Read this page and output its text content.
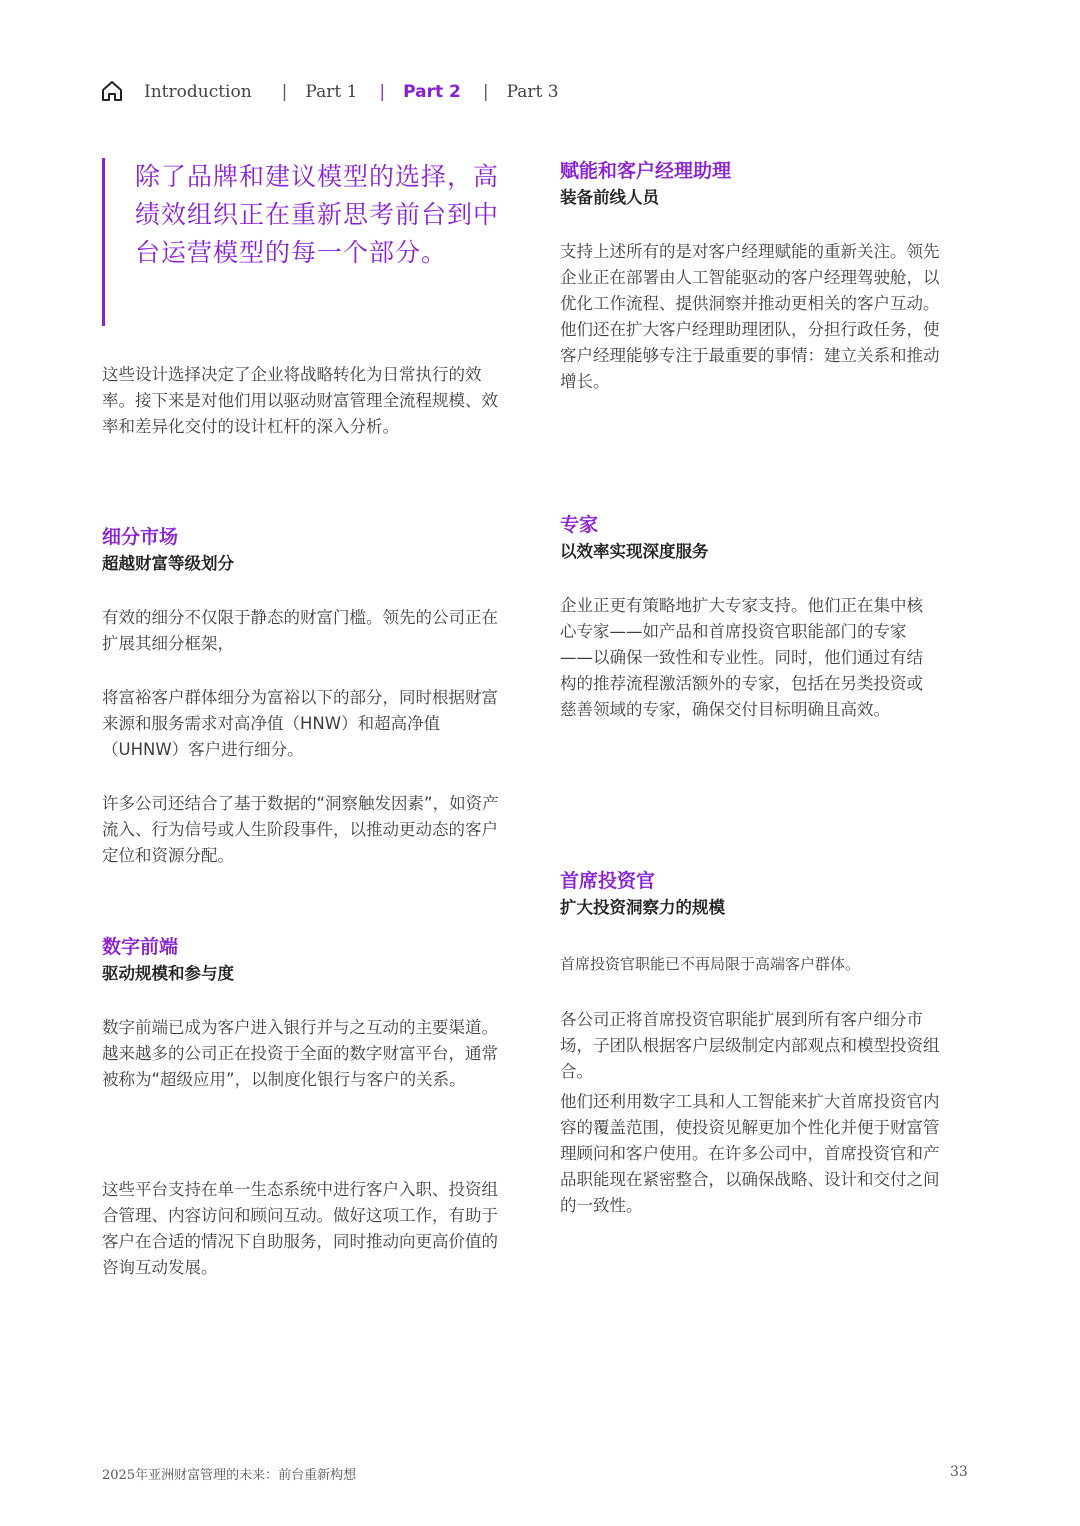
Introduction | Part 1 | Part 2 | Part 3

除了品牌和建议模型的选择，高绩效组织正在重新思考前台到中台运营模型的每一个部分。

这些设计选择决定了企业将战略转化为日常执行的效率。接下来是对他们用以驱动财富管理全流程规模、效率和差异化交付的设计杠杆的深入分析。

细分市场
超越财富等级划分

有效的细分不仅限于静态的财富门槛。领先的公司正在扩展其细分框架，

将富裕客户群体细分为富裕以下的部分，同时根据财富来源和服务需求对高净值（HNW）和超高净值（UHNW）客户进行细分。

许多公司还结合了基于数据的“洞察触发因素”，如资产流入、行为信号或人生阶段事件，以推动更动态的客户定位和资源分配。

数字前端
驱动规模和参与度

数字前端已成为客户进入银行并与之互动的主要渠道。越来越多的公司正在投资于全面的数字财富平台，通常被称为“超级应用”，以制度化银行与客户的关系。

这些平台支持在单一生态系统中进行客户入职、投资组合管理、内容访问和顾问互动。做好这项工作，有助于客户在合适的情况下自助服务，同时推动向更高价值的咨询互动发展。

赋能和客户经理助理
装备前线人员

支持上述所有的是对客户经理赋能的重新关注。领先企业正在部署由人工智能驱动的客户经理驾驶舱，以优化工作流程、提供洞察并推动更相关的客户互动。他们还在扩大客户经理助理团队，分担行政任务，使客户经理能够专注于最重要的事情：建立关系和推动增长。

专家
以效率实现深度服务

企业正更有策略地扩大专家支持。他们正在集中核心专家——如产品和首席投资官职能部门的专家——以确保一致性和专业性。同时，他们通过有结构的推荐流程激活额外的专家，包括在另类投资或慈善领域的专家，确保交付目标明确且高效。

首席投资官
扩大投资洞察力的规模

首席投资官职能已不再局限于高端客户群体。

各公司正将首席投资官职能扩展到所有客户细分市场，子团队根据客户层级制定内部观点和模型投资组合。

他们还利用数字工具和人工智能来扩大首席投资官内容的覆盖范围，使投资见解更加个性化并便于财富管理顾问和客户使用。在许多公司中，首席投资官和产品职能现在紧密整合，以确保战略、设计和交付之间的一致性。

2025年亚洲财富管理的未来：前台重新构想	33
